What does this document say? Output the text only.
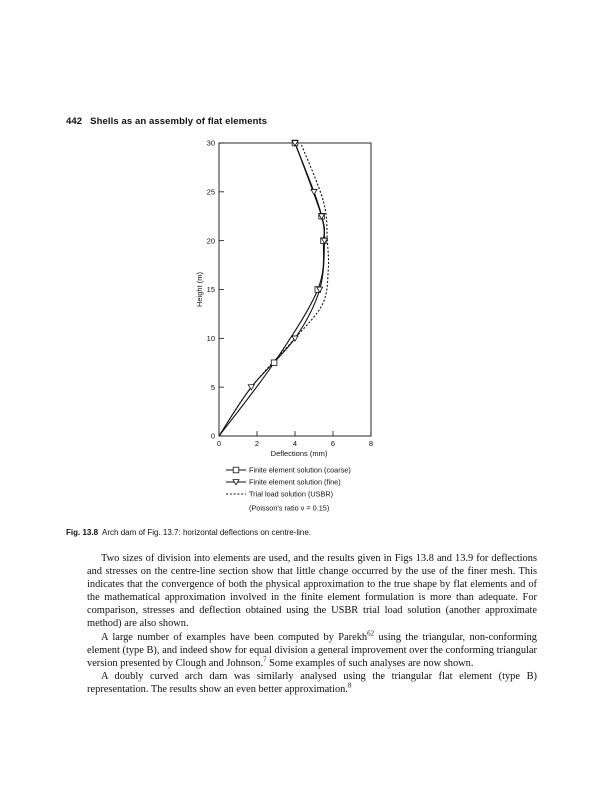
442 Shells as an assembly of flat elements
0	2	4	6	8
0
5
10
15
20
25
30
Deflections (mm)
Height (m)
Finite element solution (coarse)
Finite element solution (fine)
Trial load solution (USBR)
(Poisson's ratio ν = 0.15)
Fig. 13.8 Arch dam of Fig. 13.7: horizontal deflections on centre-line.

Two sizes of division into elements are used, and the results given in Figs 13.8 and 13.9 for deflections and stresses on the centre-line section show that little change occurred by the use of the finer mesh. This indicates that the convergence of both the physical approximation to the true shape by flat elements and of the mathematical approximation involved in the finite element formulation is more than adequate. For comparison, stresses and deflection obtained using the USBR trial load solution (another approximate method) are also shown.

A large number of examples have been computed by Parekh$^{62}$ using the triangular, non-conforming element (type B), and indeed show for equal division a general improvement over the conforming triangular version presented by Clough and Johnson.$^7$ Some examples of such analyses are now shown.

A doubly curved arch dam was similarly analysed using the triangular flat element (type B) representation. The results show an even better approximation.$^8$
